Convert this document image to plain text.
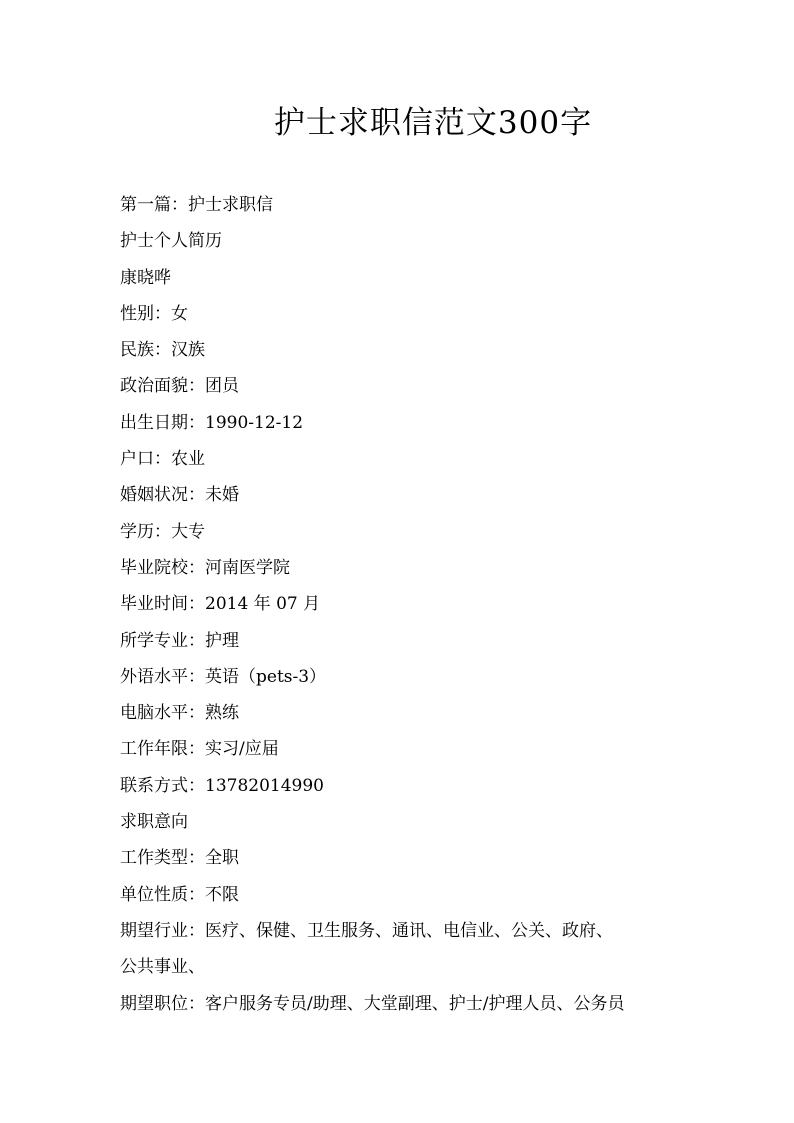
护士求职信范文300字
第一篇：护士求职信
护士个人简历
康晓哗
性别：女
民族：汉族
政治面貌：团员
出生日期：1990-12-12
户口：农业
婚姻状况：未婚
学历：大专
毕业院校：河南医学院
毕业时间：2014 年 07 月
所学专业：护理
外语水平：英语（pets-3）
电脑水平：熟练
工作年限：实习/应届
联系方式：13782014990
求职意向
工作类型：全职
单位性质：不限
期望行业：医疗、保健、卫生服务、通讯、电信业、公关、政府、
公共事业、
期望职位：客户服务专员/助理、大堂副理、护士/护理人员、公务员
